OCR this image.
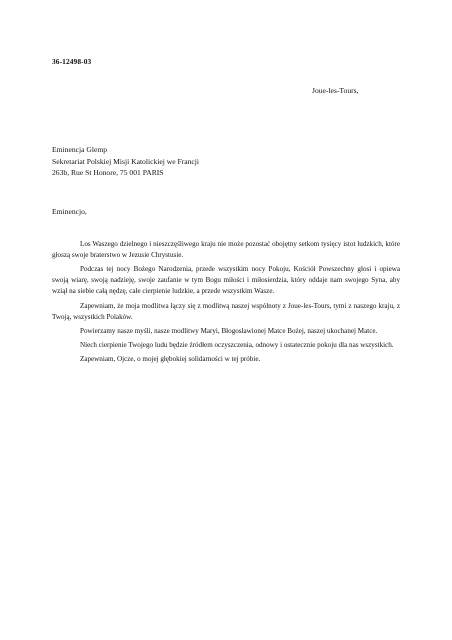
36-12498-03
Joue-les-Tours,
Eminencja Glemp
Sekretariat Polskiej Misji Katolickiej we Francji
263b, Rue St Honore, 75 001 PARIS
Eminencjo,

Los Waszego dzielnego i nieszczęśliwego kraju nie może pozostać obojętny setkom tysięcy istot ludzkich, które głoszą swoje braterstwo w Jezusie Chrystusie.

Podczas tej nocy Bożego Narodzenia, przede wszystkim nocy Pokoju, Kościół Powszechny głosi i opiewa swoją wiarę, swoją nadzieję, swoje zaufanie w tym Bogu miłości i miłosierdzia, który oddaje nam swojego Syna, aby wziął na siebie całą nędzę, całe cierpienie ludzkie, a przede wszystkim Wasze.

Zapewniam, że moja modlitwa łączy się z modlitwą naszej wspólnoty z Joue-les-Tours, tymi z naszego kraju, z Twoją, wszystkich Polaków.

Powierzamy nasze myśli, nasze modlitwy Maryi, Błogosławionej Matce Bożej, naszej ukochanej Matce.

Niech cierpienie Twojego ludu będzie źródłem oczyszczenia, odnowy i ostatecznie pokoju dla nas wszystkich.

Zapewniam, Ojcze, o mojej głębokiej solidarności w tej próbie.
